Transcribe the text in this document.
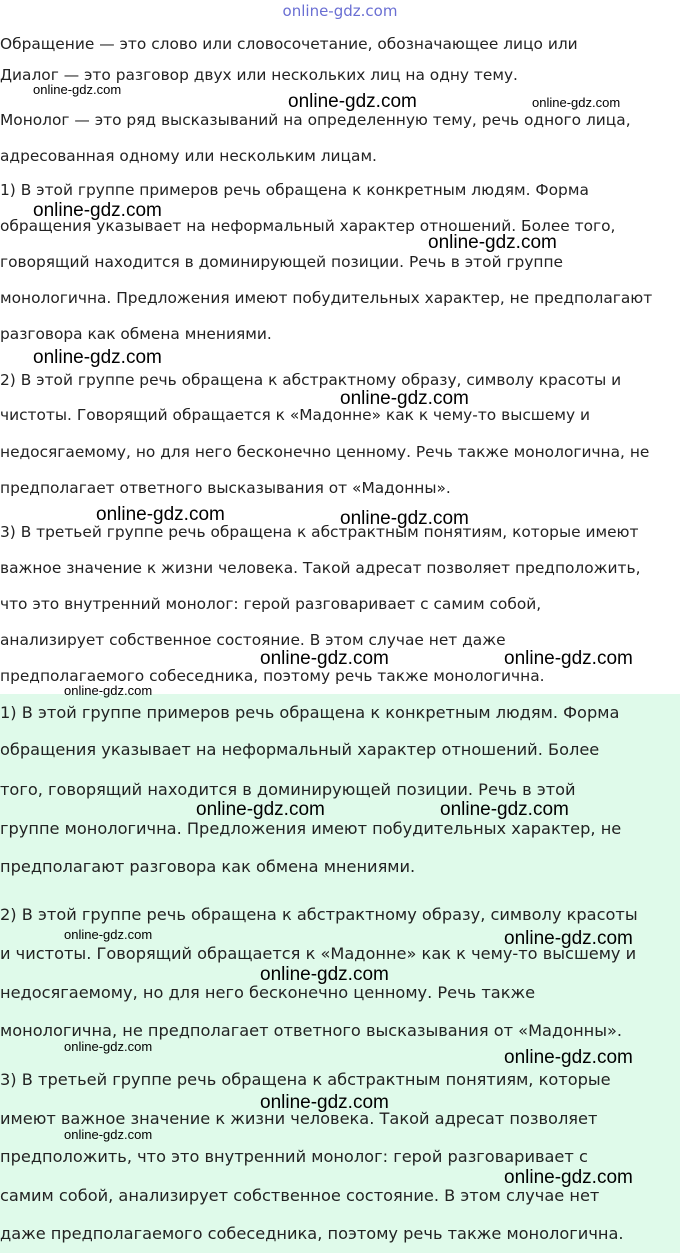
online-gdz.com
Обращение — это слово или словосочетание, обозначающее лицо или
Диалог — это разговор двух или нескольких лиц на одну тему.
Монолог — это ряд высказываний на определенную тему, речь одного лица,
адресованная одному или нескольким лицам.
1) В этой группе примеров речь обращена к конкретным людям. Форма
обращения указывает на неформальный характер отношений. Более того,
говорящий находится в доминирующей позиции. Речь в этой группе
монологична. Предложения имеют побудительных характер, не предполагают
разговора как обмена мнениями.
2) В этой группе речь обращена к абстрактному образу, символу красоты и
чистоты. Говорящий обращается к «Мадонне» как к чему-то высшему и
недосягаемому, но для него бесконечно ценному. Речь также монологична, не
предполагает ответного высказывания от «Мадонны».
3) В третьей группе речь обращена к абстрактным понятиям, которые имеют
важное значение к жизни человека. Такой адресат позволяет предположить,
что это внутренний монолог: герой разговаривает с самим собой,
анализирует собственное состояние. В этом случае нет даже
предполагаемого собеседника, поэтому речь также монологична.
1) В этой группе примеров речь обращена к конкретным людям. Форма
обращения указывает на неформальный характер отношений. Более
того, говорящий находится в доминирующей позиции. Речь в этой
группе монологична. Предложения имеют побудительных характер, не
предполагают разговора как обмена мнениями.
2) В этой группе речь обращена к абстрактному образу, символу красоты
и чистоты. Говорящий обращается к «Мадонне» как к чему-то высшему и
недосягаемому, но для него бесконечно ценному. Речь также
монологична, не предполагает ответного высказывания от «Мадонны».
3) В третьей группе речь обращена к абстрактным понятиям, которые
имеют важное значение к жизни человека. Такой адресат позволяет
предположить, что это внутренний монолог: герой разговаривает с
самим собой, анализирует собственное состояние. В этом случае нет
даже предполагаемого собеседника, поэтому речь также монологична.
online-gdz.com
online-gdz.com	online-gdz.com
online-gdz.com
online-gdz.com
online-gdz.com
online-gdz.com
online-gdz.com	online-gdz.com
online-gdz.com	online-gdz.com
online-gdz.com
online-gdz.com	online-gdz.com
online-gdz.com	online-gdz.com
online-gdz.com
online-gdz.com
online-gdz.com
online-gdz.com
online-gdz.com
online-gdz.com
